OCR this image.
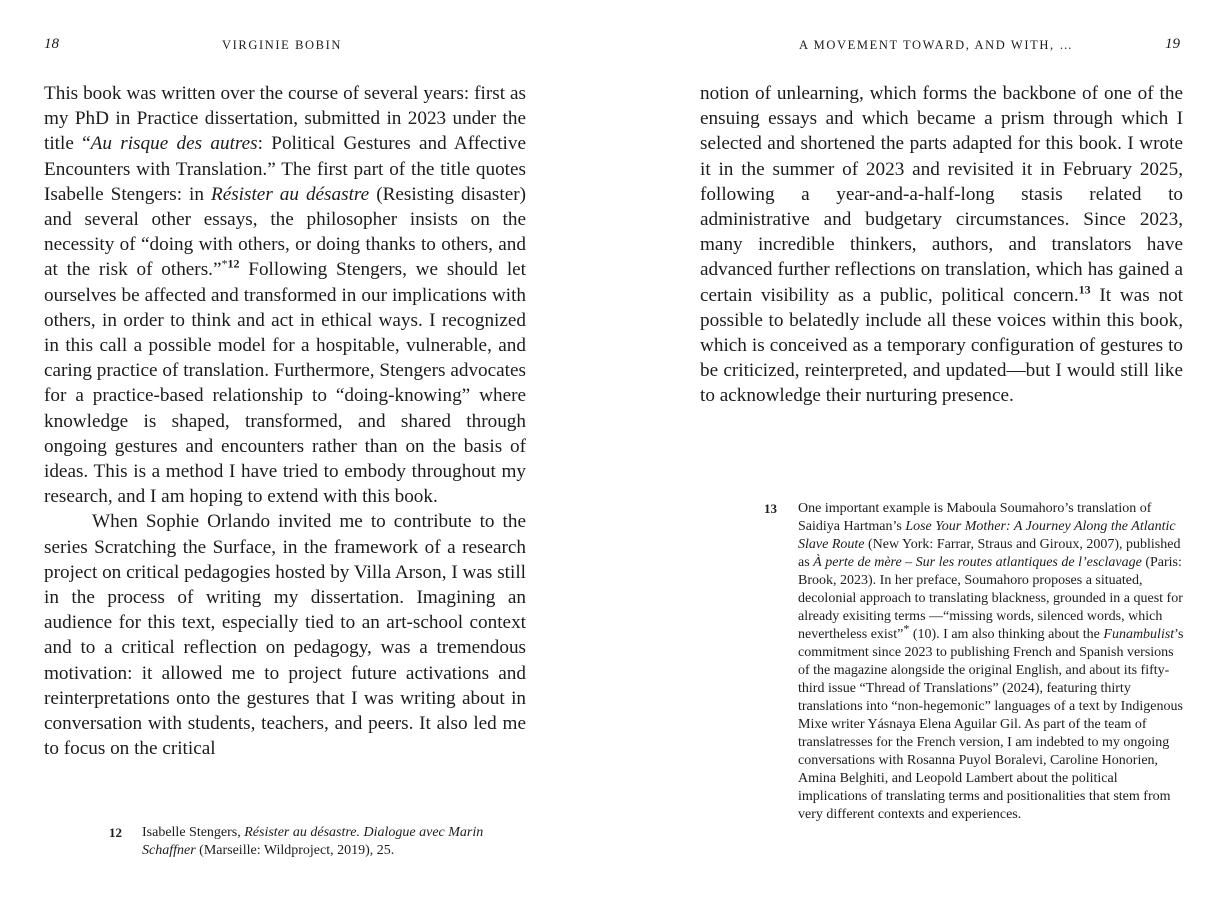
18	VIRGINIE BOBIN

This book was written over the course of several years: first as my PhD in Practice dissertation, submitted in 2023 under the title “Au risque des autres: Political Gestures and Affective Encounters with Translation.” The first part of the title quotes Isabelle Stengers: in Résister au désastre (Resisting disaster) and several other essays, the philosopher insists on the necessity of “doing with others, or doing thanks to others, and at the risk of others.”$^{*12}$ Following Stengers, we should let ourselves be affected and transformed in our implications with others, in order to think and act in ethical ways. I recognized in this call a possible model for a hospitable, vulnerable, and caring practice of translation. Furthermore, Stengers advocates for a practice-based relationship to “doing-knowing” where knowledge is shaped, transformed, and shared through ongoing gestures and encounters rather than on the basis of ideas. This is a method I have tried to embody throughout my research, and I am hoping to extend with this book.

When Sophie Orlando invited me to contribute to the series Scratching the Surface, in the framework of a research project on critical pedagogies hosted by Villa Arson, I was still in the process of writing my dissertation. Imagining an audience for this text, especially tied to an art-school context and to a critical reflection on pedagogy, was a tremendous motivation: it allowed me to project future activations and reinterpretations onto the gestures that I was writing about in conversation with students, teachers, and peers. It also led me to focus on the critical

12	Isabelle Stengers, Résister au désastre. Dialogue avec Marin Schaffner (Marseille: Wildproject, 2019), 25.
A MOVEMENT TOWARD, AND WITH, …	19

notion of unlearning, which forms the backbone of one of the ensuing essays and which became a prism through which I selected and shortened the parts adapted for this book. I wrote it in the summer of 2023 and revisited it in February 2025, following a year-and-a-half-long stasis related to administrative and budgetary circumstances. Since 2023, many incredible thinkers, authors, and translators have advanced further reflections on translation, which has gained a certain visibility as a public, political concern.$^{13}$ It was not possible to belatedly include all these voices within this book, which is conceived as a temporary configuration of gestures to be criticized, reinterpreted, and updated—but I would still like to acknowledge their nurturing presence.

13	One important example is Maboula Soumahoro’s translation of Saidiya Hartman’s Lose Your Mother: A Journey Along the Atlantic Slave Route (New York: Farrar, Straus and Giroux, 2007), published as À perte de mère – Sur les routes atlantiques de l’esclavage (Paris: Brook, 2023). In her preface, Soumahoro proposes a situated, decolonial approach to translating blackness, grounded in a quest for already exisiting terms —“missing words, silenced words, which nevertheless exist”* (10). I am also thinking about the Funambulist’s commitment since 2023 to publishing French and Spanish versions of the magazine alongside the original English, and about its fifty-third issue “Thread of Translations” (2024), featuring thirty translations into “non-hegemonic” languages of a text by Indigenous Mixe writer Yásnaya Elena Aguilar Gil. As part of the team of translatresses for the French version, I am indebted to my ongoing conversations with Rosanna Puyol Boralevi, Caroline Honorien, Amina Belghiti, and Leopold Lambert about the political implications of translating terms and positionalities that stem from very different contexts and experiences.
